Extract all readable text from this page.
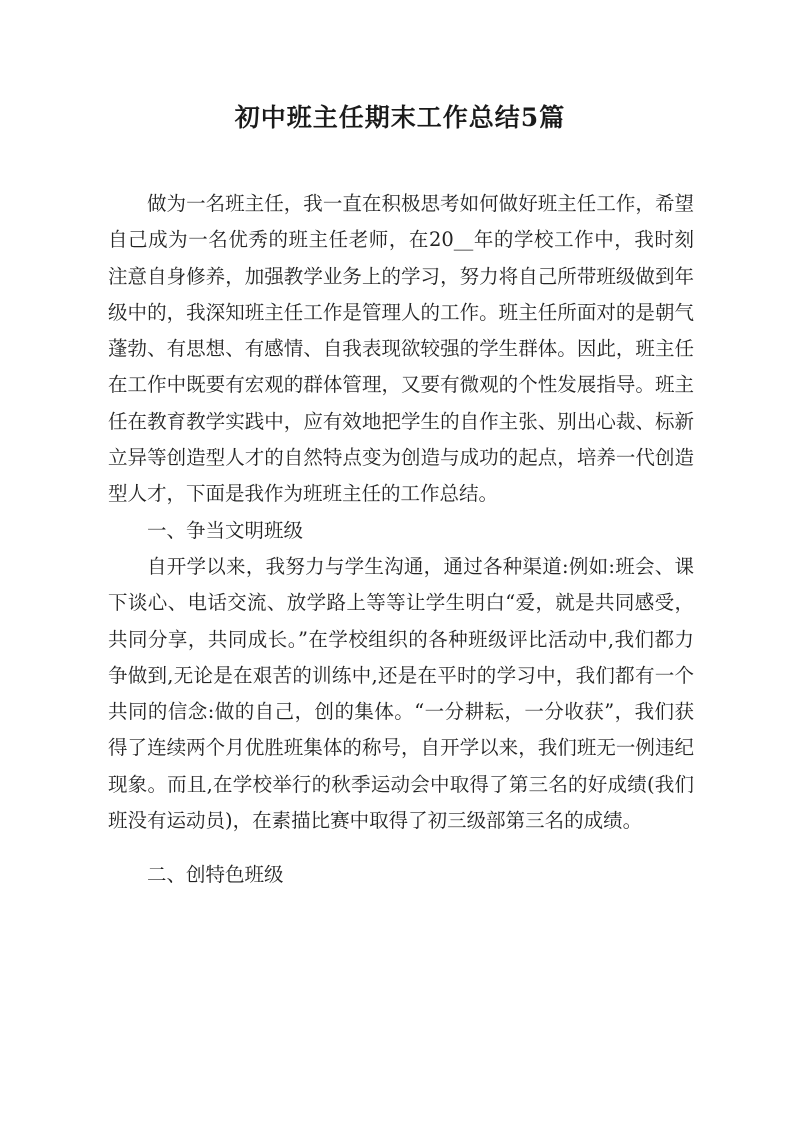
初中班主任期末工作总结5篇

做为一名班主任，我一直在积极思考如何做好班主任工作，希望自己成为一名优秀的班主任老师，在20__年的学校工作中，我时刻注意自身修养，加强教学业务上的学习，努力将自己所带班级做到年级中的，我深知班主任工作是管理人的工作。班主任所面对的是朝气蓬勃、有思想、有感情、自我表现欲较强的学生群体。因此，班主任在工作中既要有宏观的群体管理，又要有微观的个性发展指导。班主任在教育教学实践中，应有效地把学生的自作主张、别出心裁、标新立异等创造型人才的自然特点变为创造与成功的起点，培养一代创造型人才，下面是我作为班班主任的工作总结。

一、争当文明班级

自开学以来，我努力与学生沟通，通过各种渠道:例如:班会、课下谈心、电话交流、放学路上等等让学生明白“爱，就是共同感受，共同分享，共同成长。”在学校组织的各种班级评比活动中,我们都力争做到,无论是在艰苦的训练中,还是在平时的学习中，我们都有一个共同的信念:做的自己，创的集体。“一分耕耘，一分收获”，我们获得了连续两个月优胜班集体的称号，自开学以来，我们班无一例违纪现象。而且,在学校举行的秋季运动会中取得了第三名的好成绩(我们班没有运动员)，在素描比赛中取得了初三级部第三名的成绩。

二、创特色班级
